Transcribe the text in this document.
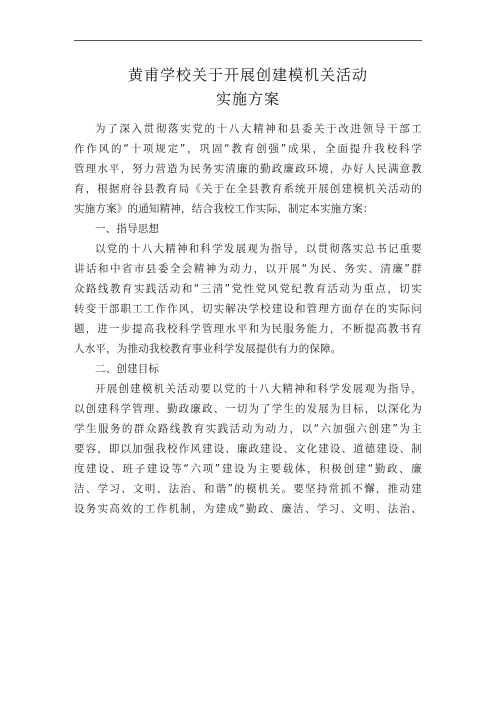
黄甫学校关于开展创建模机关活动
实施方案
为了深入贯彻落实党的十八大精神和县委关于改进领导干部工
作作风的“十项规定”，巩固“教育创强”成果，全面提升我校科学
管理水平，努力营造为民务实清廉的勤政廉政环境，办好人民满意教
育，根据府谷县教育局《关于在全县教育系统开展创建模机关活动的
实施方案》的通知精神，结合我校工作实际，制定本实施方案：
一、指导思想
以党的十八大精神和科学发展观为指导，以贯彻落实总书记重要
讲话和中省市县委全会精神为动力，以开展“为民、务实、清廉”群
众路线教育实践活动和“三清”党性党风党纪教育活动为重点，切实
转变干部职工工作作风，切实解决学校建设和管理方面存在的实际问
题，进一步提高我校科学管理水平和为民服务能力，不断提高教书育
人水平，为推动我校教育事业科学发展提供有力的保障。
二、创建目标
开展创建模机关活动要以党的十八大精神和科学发展观为指导，
以创建科学管理、勤政廉政、一切为了学生的发展为目标，以深化为
学生服务的群众路线教育实践活动为动力，以“六加强六创建”为主
要容，即以加强我校作风建设、廉政建设、文化建设、道德建设、制
度建设、班子建设等“六项”建设为主要载体，积极创建“勤政、廉
洁、学习、文明、法治、和谐”的模机关。要坚持常抓不懈，推动建
设务实高效的工作机制，为建成“勤政、廉洁、学习、文明、法治、
